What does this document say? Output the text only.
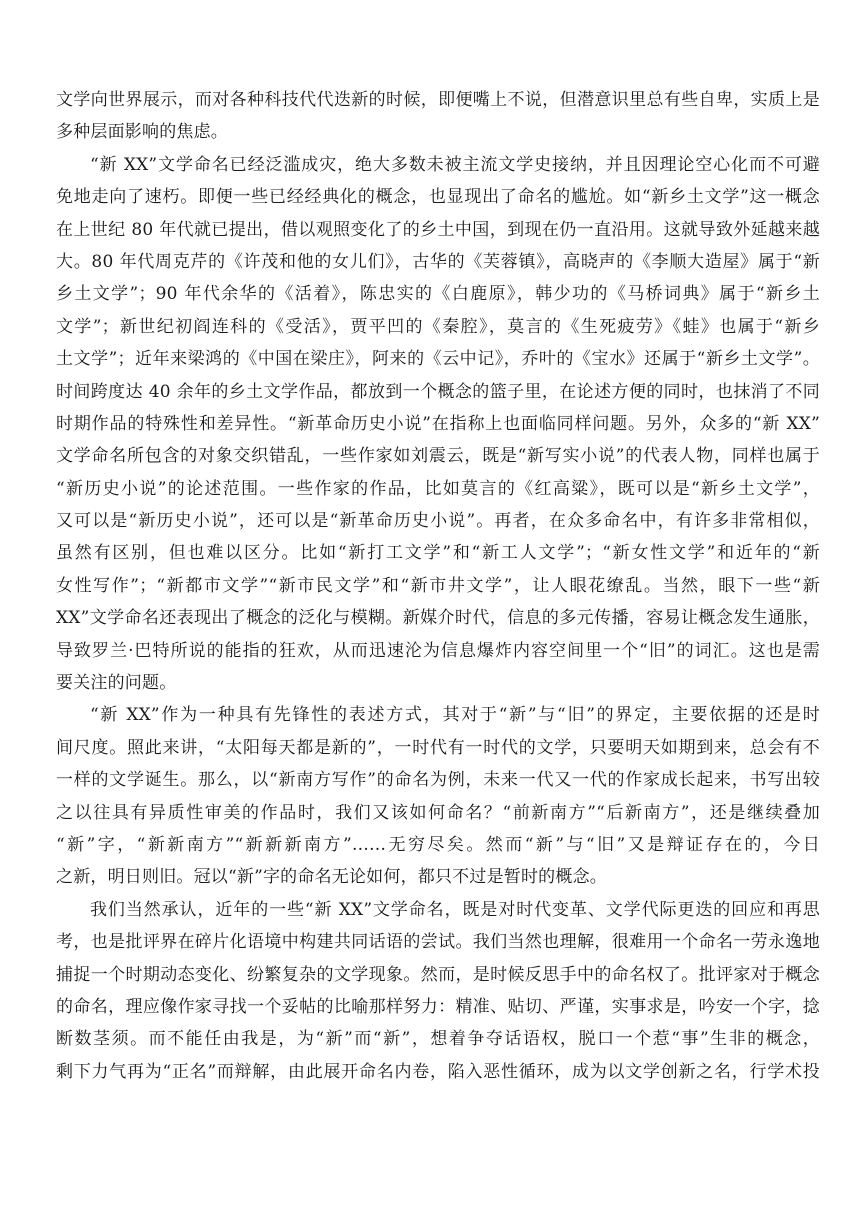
文学向世界展示，而对各种科技代代迭新的时候，即便嘴上不说，但潜意识里总有些自卑，实质上是
多种层面影响的焦虑。
“新 XX”文学命名已经泛滥成灾，绝大多数未被主流文学史接纳，并且因理论空心化而不可避
免地走向了速朽。即便一些已经经典化的概念，也显现出了命名的尴尬。如“新乡土文学”这一概念
在上世纪 80 年代就已提出，借以观照变化了的乡土中国，到现在仍一直沿用。这就导致外延越来越
大。80 年代周克芹的《许茂和他的女儿们》，古华的《芙蓉镇》，高晓声的《李顺大造屋》属于“新
乡土文学”；90 年代余华的《活着》，陈忠实的《白鹿原》，韩少功的《马桥词典》属于“新乡土
文学”；新世纪初阎连科的《受活》，贾平凹的《秦腔》，莫言的《生死疲劳》《蛙》也属于“新乡
土文学”；近年来梁鸿的《中国在梁庄》，阿来的《云中记》，乔叶的《宝水》还属于“新乡土文学”。
时间跨度达 40 余年的乡土文学作品，都放到一个概念的篮子里，在论述方便的同时，也抹消了不同
时期作品的特殊性和差异性。“新革命历史小说”在指称上也面临同样问题。另外，众多的“新 XX”
文学命名所包含的对象交织错乱，一些作家如刘震云，既是“新写实小说”的代表人物，同样也属于
“新历史小说”的论述范围。一些作家的作品，比如莫言的《红高粱》，既可以是“新乡土文学”，
又可以是“新历史小说”，还可以是“新革命历史小说”。再者，在众多命名中，有许多非常相似，
虽然有区别，但也难以区分。比如“新打工文学”和“新工人文学”；“新女性文学”和近年的“新
女性写作”；“新都市文学”“新市民文学”和“新市井文学”，让人眼花缭乱。当然，眼下一些“新
XX”文学命名还表现出了概念的泛化与模糊。新媒介时代，信息的多元传播，容易让概念发生通胀，
导致罗兰·巴特所说的能指的狂欢，从而迅速沦为信息爆炸内容空间里一个“旧”的词汇。这也是需
要关注的问题。
“新 XX”作为一种具有先锋性的表述方式，其对于“新”与“旧”的界定，主要依据的还是时
间尺度。照此来讲，“太阳每天都是新的”，一时代有一时代的文学，只要明天如期到来，总会有不
一样的文学诞生。那么，以“新南方写作”的命名为例，未来一代又一代的作家成长起来，书写出较
之以往具有异质性审美的作品时，我们又该如何命名？“前新南方”“后新南方”，还是继续叠加
“新”字，“新新南方”“新新新南方”……无穷尽矣。然而“新”与“旧”又是辩证存在的，今日
之新，明日则旧。冠以“新”字的命名无论如何，都只不过是暂时的概念。
我们当然承认，近年的一些“新 XX”文学命名，既是对时代变革、文学代际更迭的回应和再思
考，也是批评界在碎片化语境中构建共同话语的尝试。我们当然也理解，很难用一个命名一劳永逸地
捕捉一个时期动态变化、纷繁复杂的文学现象。然而，是时候反思手中的命名权了。批评家对于概念
的命名，理应像作家寻找一个妥帖的比喻那样努力：精准、贴切、严谨，实事求是，吟安一个字，捻
断数茎须。而不能任由我是，为“新”而“新”，想着争夺话语权，脱口一个惹“事”生非的概念，
剩下力气再为“正名”而辩解，由此展开命名内卷，陷入恶性循环，成为以文学创新之名，行学术投
